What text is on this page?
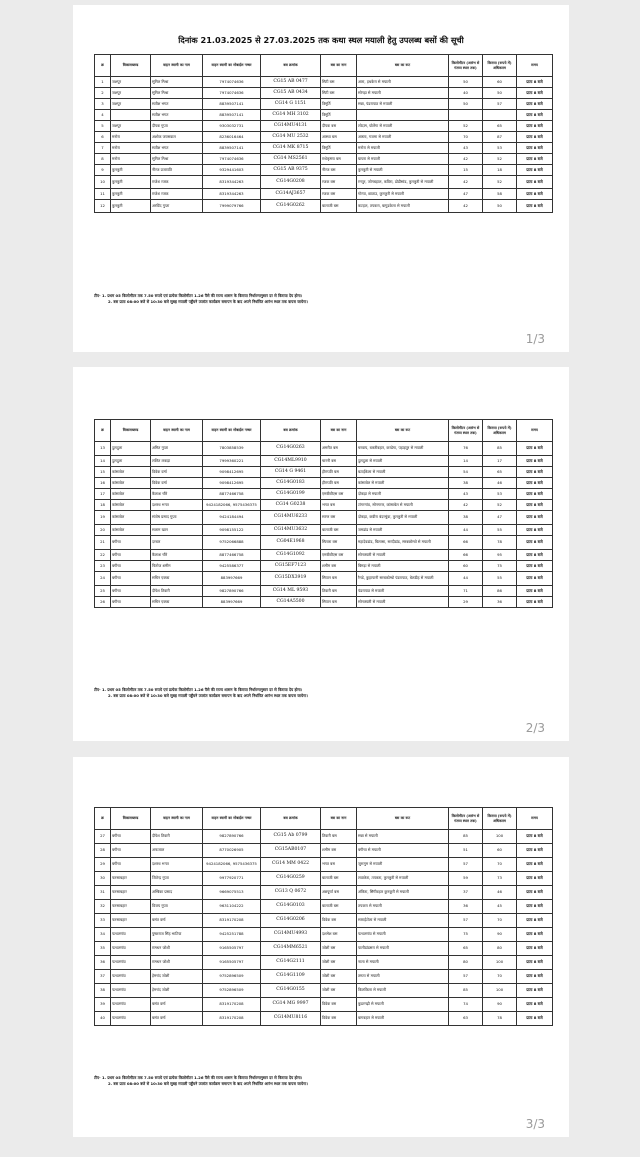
दिनांक 21.03.2025 से 27.03.2025 तक कथा स्थल मयाली हेतु उपलब्ध बसों की सूची
क्र	विकासखण्ड	वाहन स्वामी का नाम	वाहन स्वामी का मोबाईल नम्बर	बस क्रमांक	बस का नाम	बस का रूट	किलोमीटर (आरंभ से गंतव्य स्थल तक)	किराया (रूपये में) अधिकतम	समय
1	जशपुर	सुनिल मिश्रा	7974074636	CG15 AB 0477	सिटी बस	आरा, हथकेरा से मयाली	50	60	प्रातः 8 बजे
2	जशपुर	सुनिल मिश्रा	7974074636	CG15 AB 0434	सिटी बस	सोगड़ा से मयाली	40	50	प्रातः 8 बजे
3	जशपुर	सतीश भगत	8839507141	CG14 G 1151	त्रिमूर्ति	सन्ना, पंडरापाठ से मयाली	50	57	प्रातः 8 बजे
4		सतीश भगत	8839507141	CG14 MH 3102	त्रिमूर्ति				प्रातः 8 बजे
5	जशपुर	दीपक गुप्ता	9303032731	CG14MU4131	दीपक बस	लोदाम, घोलेंगा से मयाली	52	65	प्रातः 8 बजे
6	मनोरा	अशोक जयसवाल	8236016464	CG14 MU 2532	आस्था बस	आस्ता, गजमा से मयाली	70	87	प्रातः 8 बजे
7	मनोरा	सतीश भगत	8839507141	CG14 MK 8715	त्रिमूर्ति	मनोरा से मयाली	43	53	प्रातः 8 बजे
8	मनोरा	सुनिल मिश्रा	7974074636	CG14 MS2561	राधेकृष्णा बस	घाघरा से मयाली	42	52	प्रातः 8 बजे
9	कुनकुरी	नीरज प्रजापति	9329441603	CG15 AB 9375	नीरज बस	कुनकुरी से मयाली	15	18	प्रातः 8 बजे
10	कुनकुरी	राजेश रजक	8319344263	CG14G0208	रजक बस	रनपुर, जोगबहाल, कविरा, डोडीसांड, कुनकुरी से मयाली	42	52	प्रातः 8 बजे
11	कुनकुरी	राजेश रजक	8319344263	CG14AJ3657	रजक बस	गोरपा, छाताउ, कुनकुरी से मयाली	47	58	प्रातः 8 बजे
12	कुनकुरी	अरविंद गुप्ता	7999079766	CG14G0262	बालाजी बस	कटहल, तपकरा, बागुडकेला से मयाली	42	50	प्रातः 8 बजे
टीप- 1. प्रथम 05 किलोमीटर तक 7.50 रूपये एवं प्रत्येक किलोमीटर 1.26 पैसे की राज्य शासन के किराया निर्धारणानुसार दर से किराया देय होगा।
2. बस प्रातः 08:00 बजे से 10:30 बजे सुबह मयाली पहुँचने उपरांत कार्यक्रम समापन के बाद अपने निर्धारित आरंभ स्थल तक वापस जायेगा।
1/3
क्र	विकासखण्ड	वाहन स्वामी का नाम	वाहन स्वामी का मोबाईल नम्बर	बस क्रमांक	बस का नाम	बस का रूट	किलोमीटर (आरंभ से गंतव्य स्थल तक)	किराया (रूपये में) अधिकतम	समय
13	दुलदुला	अमित गुप्ता	7803858539	CG14G0263	अमरीत बस	चरवाय, बकरीबहार, करडेगा, पहाड़पुर से मयाली	76	85	प्रातः 8 बजे
14	दुलदुला	ललित लकड़ा	7999360221	CG14ML9910	चारनी बस	दुलदुला से मयाली	14	17	प्रातः 8 बजे
15	कांसाबेल	विवेक वर्मा	9098412695	CG14 G 9461	हीरापति बस	बटाईकेला से मयाली	54	65	प्रातः 8 बजे
16	कांसाबेल	विवेक वर्मा	9098412695	CG14G0183	हीरापति बस	कांसाबेल से मयाली	38	46	प्रातः 8 बजे
17	कांसाबेल	कैलाश चौरे	8877466758	CG14G0199	एमबीबीएस बस	दोकड़ा से मयाली	43	53	प्रातः 8 बजे
18	कांसाबेल	दशरथ भगत	9424182066, 9575436375	CG14 G0238	भगत बस	टांगरगांव, सोनगरार, कांसाबेल से मयाली	42	52	प्रातः 8 बजे
19	कांसाबेल	संतोष प्रसाद गुप्ता	9424184494	CG14MU6233	सागर बस	दोकड़ा, कवीरा बंदरचुंवा, कुनकुरी से मयाली	38	47	प्रातः 8 बजे
20	कांसाबेल	सलाम खान	9098155122	CG14MU3632	बालाजी बस	जमडांड से मयाली	44	55	प्रातः 8 बजे
21	बगीचा	दरबार	9752066888	CG04E1968	सितारा बस	महादेवडांड, बिलासा, सरदीडांड, सरबकोम्बो से मयाली	66	78	प्रातः 8 बजे
22	बगीचा	कैलाश चौरे	8877466758	CG14G1092	एमबीबीएस बस	सोनक्यारी से मयाली	66	95	प्रातः 8 बजे
23	बगीचा	फिरोज शमीम	9425586377	CG15EF7123	शमीम बस	बिमड़ा से मयाली	60	75	प्रातः 8 बजे
24	बगीचा	सचिन एक्का	883997669	CG15DX3919	सियान बस	रैनडे, कुहापानी सरबकोम्बो पंडरापाठ, बेलडीह से मयाली	44	55	प्रातः 8 बजे
25	बगीचा	दीपेश तिवारी	9827890766	CG14 ML 9593	तिवारी बस	पंडरापाठ से मयाली	71	86	प्रातः 8 बजे
26	बगीचा	सचिन एक्का	883997669	CG14A5500	सियान बस	सोनक्यारी से मयाली	29	36	प्रातः 8 बजे
टीप- 1. प्रथम 05 किलोमीटर तक 7.50 रूपये एवं प्रत्येक किलोमीटर 1.26 पैसे की राज्य शासन के किराया निर्धारणानुसार दर से किराया देय होगा।
2. बस प्रातः 08:00 बजे से 10:30 बजे सुबह मयाली पहुँचने उपरांत कार्यक्रम समापन के बाद अपने निर्धारित आरंभ स्थल तक वापस जायेगा।
2/3
क्र	विकासखण्ड	वाहन स्वामी का नाम	वाहन स्वामी का मोबाईल नम्बर	बस क्रमांक	बस का नाम	बस का रूट	किलोमीटर (आरंभ से गंतव्य स्थल तक)	किराया (रूपये में) अधिकतम	समय
27	बगीचा	दीपेश तिवारी	9827890766	CG15 Ab 0799	तिवारी बस	सन्ना से मयाली	85	100	प्रातः 8 बजे
28	बगीचा	अफजाल	8770026905	CG15AB0107	शमीम बस	बगीचा से मयाली	51	60	प्रातः 8 बजे
29	बगीचा	दशरथ भगत	9424182066, 9575436375	CG14 MM 0422	भगत बस	जुरूगुम से मयाली	57	70	प्रातः 8 बजे
30	फरसाबहार	जितेन्द्र गुप्ता	9977920771	CG14G0259	बालाजी बस	लवाकेरा, तपकरा, कुनकुरी से मयाली	59	73	प्रातः 8 बजे
31	फरसाबहार	अम्बिका प्रसाद	9669075513	CG13 Q 0672	अन्नपूर्णा बस	अंकिरा, सिंगीबहार कुनकुरी से मयाली	37	46	प्रातः 8 बजे
32	फरसाबहार	विजय गुप्ता	9631104222	CG14G0103	बालाजी बस	तपकरा से मयाली	36	45	प्रातः 8 बजे
33	फरसाबहार	बसंत वर्मा	8319170208	CG14G0206	विवेक बस	साराईटोला से मयाली	57	70	प्रातः 8 बजे
34	पत्थलगांव	पुष्कराज सिंह भाटिया	9425251788	CG14MU4993	दशमेश बस	पत्थलगांव से मयाली	75	90	प्रातः 8 बजे
35	पत्थलगांव	रामधन जोशी	9165505797	CG14MM6521	जोशी बस	पालीडांडसरा से मयाली	65	80	प्रातः 8 बजे
36	पत्थलगांव	रामधन जोशी	9165505797	CG14G2111	जोशी बस	नाला से मयाली	80	100	प्रातः 8 बजे
37	पत्थलगांव	हेमचंद जोशी	9752896509	CG14G1109	जोशी बस	तमता से मयाली	57	70	प्रातः 8 बजे
38	पत्थलगांव	हेमचंद जोशी	9752896509	CG14G0155	जोशी बस	किलकिला से मयाली	85	100	प्रातः 8 बजे
39	पत्थलगांव	बसंत वर्मा	8319170208	CG14 MG 9997	विवेक बस	कुडरगढ़ी से मयाली	74	90	प्रातः 8 बजे
40	पत्थलगांव	बसंत वर्मा	8319170208	CG14MU8116	विवेक बस	बागबहार से मयाली	63	78	प्रातः 8 बजे
टीप- 1. प्रथम 05 किलोमीटर तक 7.50 रूपये एवं प्रत्येक किलोमीटर 1.26 पैसे की राज्य शासन के किराया निर्धारणानुसार दर से किराया देय होगा।
2. बस प्रातः 08:00 बजे से 10:30 बजे सुबह मयाली पहुँचने उपरांत कार्यक्रम समापन के बाद अपने निर्धारित आरंभ स्थल तक वापस जायेगा।
3/3
